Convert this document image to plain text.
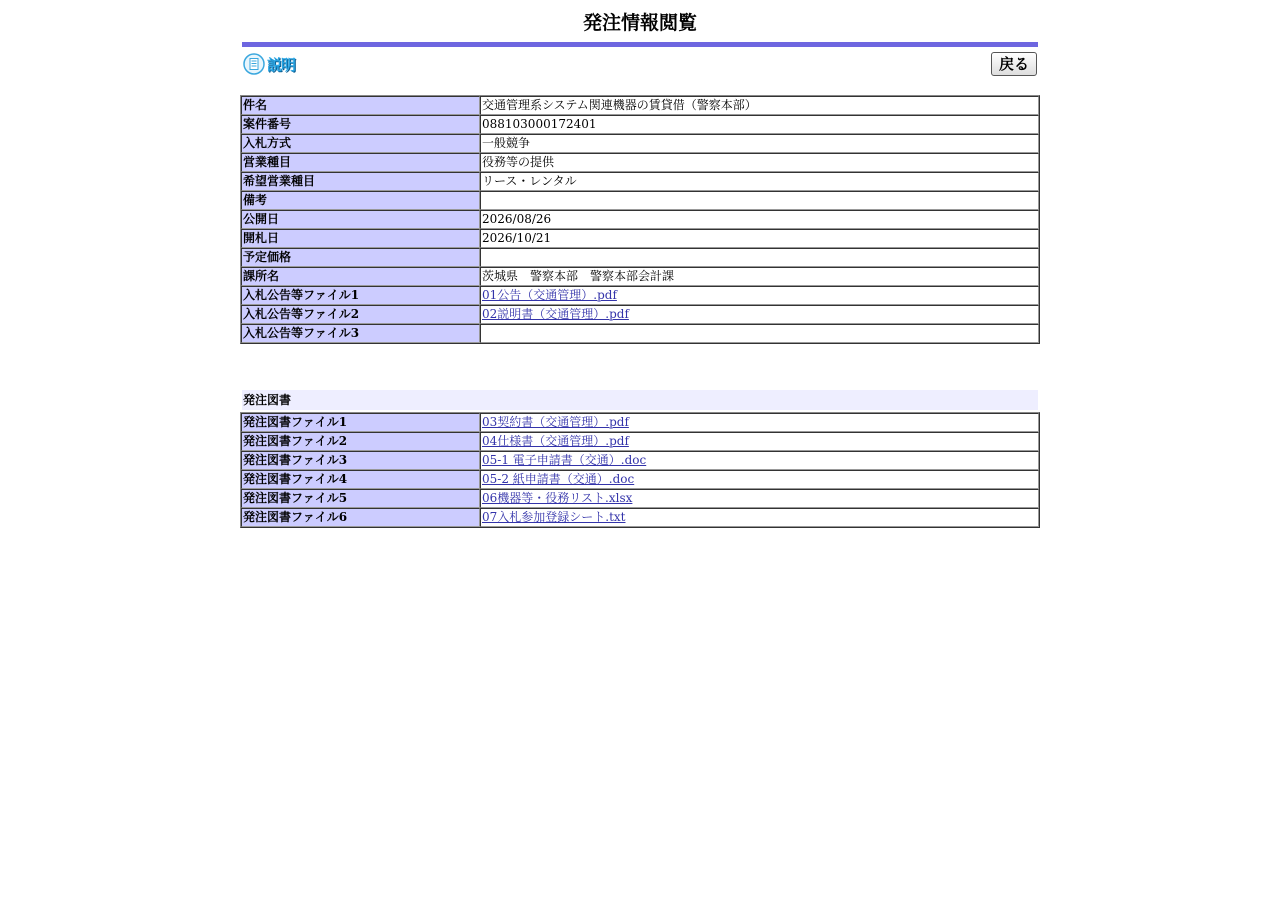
発注情報閲覧
説明	戻る
件名	交通管理系システム関連機器の賃貸借（警察本部）
案件番号	088103000172401
入札方式	一般競争
営業種目	役務等の提供
希望営業種目	リース・レンタル
備考	
公開日	2026/08/26
開札日	2026/10/21
予定価格	
課所名	茨城県　警察本部　警察本部会計課
入札公告等ファイル1	01公告（交通管理）.pdf
入札公告等ファイル2	02説明書（交通管理）.pdf
入札公告等ファイル3	
発注図書
発注図書ファイル1	03契約書（交通管理）.pdf
発注図書ファイル2	04仕様書（交通管理）.pdf
発注図書ファイル3	05-1 電子申請書（交通）.doc
発注図書ファイル4	05-2 紙申請書（交通）.doc
発注図書ファイル5	06機器等・役務リスト.xlsx
発注図書ファイル6	07入札参加登録シート.txt
